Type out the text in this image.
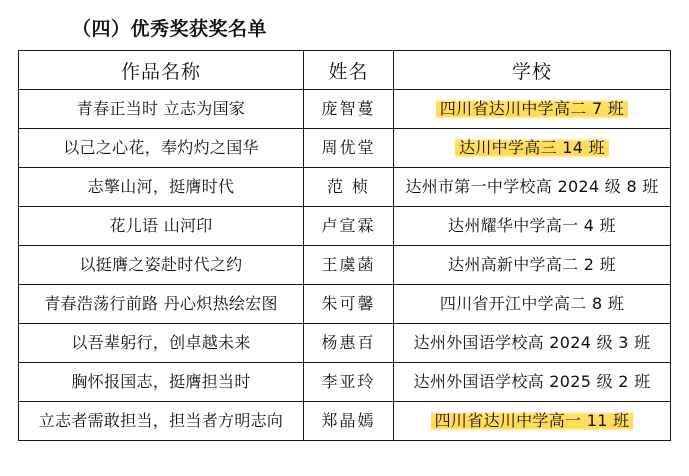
（四）优秀奖获奖名单
作品名称	姓名	学校
青春正当时 立志为国家	庞智蔓	四川省达川中学高二 7 班
以己之心花，奉灼灼之国华	周优堂	达川中学高三 14 班
志擎山河，挺膺时代	范 桢	达州市第一中学校高 2024 级 8 班
花儿语 山河印	卢宣霖	达州耀华中学高一 4 班
以挺膺之姿赴时代之约	王虞菡	达州高新中学高二 2 班
青春浩荡行前路 丹心炽热绘宏图	朱可馨	四川省开江中学高二 8 班
以吾辈躬行，创卓越未来	杨惠百	达州外国语学校高 2024 级 3 班
胸怀报国志，挺膺担当时	李亚玲	达州外国语学校高 2025 级 2 班
立志者需敢担当，担当者方明志向	郑晶嫣	四川省达川中学高一 11 班
